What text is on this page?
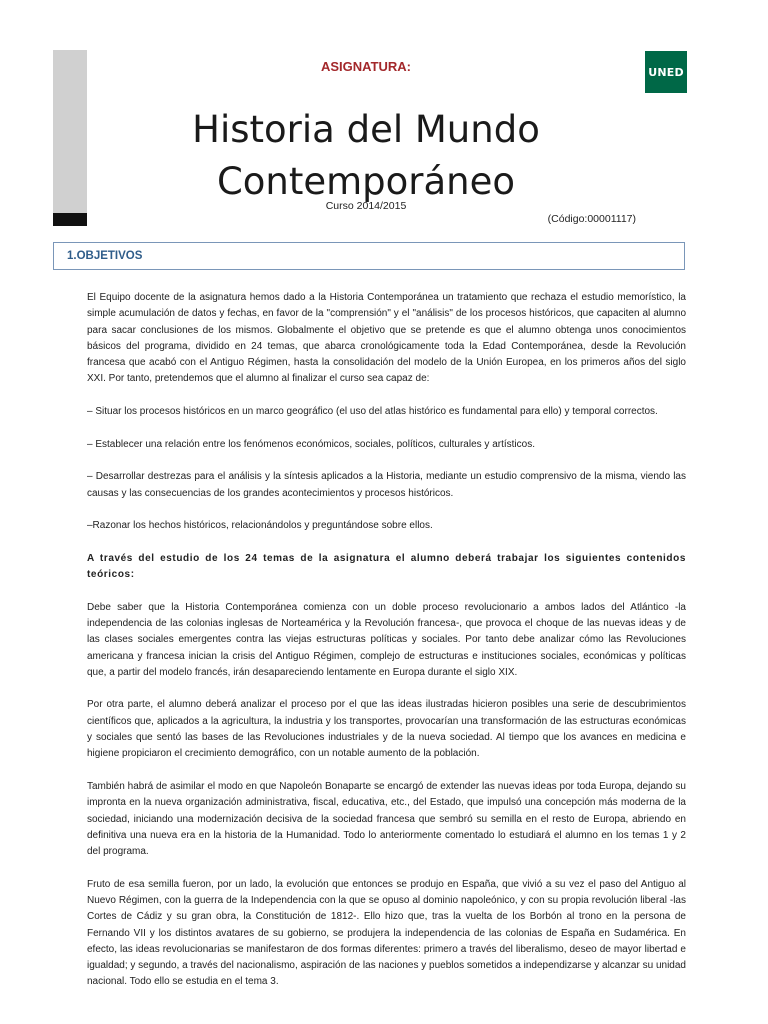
ASIGNATURA:	UNED
Historia del Mundo
Contemporáneo
Curso 2014/2015
(Código:00001117)
1.OBJETIVOS

El Equipo docente de la asignatura hemos dado a la Historia Contemporánea un tratamiento que rechaza el estudio memorístico, la simple acumulación de datos y fechas, en favor de la "comprensión" y el "análisis" de los procesos históricos, que capaciten al alumno para sacar conclusiones de los mismos. Globalmente el objetivo que se pretende es que el alumno obtenga unos conocimientos básicos del programa, dividido en 24 temas, que abarca cronológicamente toda la Edad Contemporánea, desde la Revolución francesa que acabó con el Antiguo Régimen, hasta la consolidación del modelo de la Unión Europea, en los primeros años del siglo XXI. Por tanto, pretendemos que el alumno al finalizar el curso sea capaz de:

– Situar los procesos históricos en un marco geográfico (el uso del atlas histórico es fundamental para ello) y temporal correctos.

– Establecer una relación entre los fenómenos económicos, sociales, políticos, culturales y artísticos.

– Desarrollar destrezas para el análisis y la síntesis aplicados a la Historia, mediante un estudio comprensivo de la misma, viendo las causas y las consecuencias de los grandes acontecimientos y procesos históricos.

–Razonar los hechos históricos, relacionándolos y preguntándose sobre ellos.

A través del estudio de los 24 temas de la asignatura el alumno deberá trabajar los siguientes contenidos teóricos:

Debe saber que la Historia Contemporánea comienza con un doble proceso revolucionario a ambos lados del Atlántico -la independencia de las colonias inglesas de Norteamérica y la Revolución francesa-, que provoca el choque de las nuevas ideas y de las clases sociales emergentes contra las viejas estructuras políticas y sociales. Por tanto debe analizar cómo las Revoluciones americana y francesa inician la crisis del Antiguo Régimen, complejo de estructuras e instituciones sociales, económicas y políticas que, a partir del modelo francés, irán desapareciendo lentamente en Europa durante el siglo XIX.

Por otra parte, el alumno deberá analizar el proceso por el que las ideas ilustradas hicieron posibles una serie de descubrimientos científicos que, aplicados a la agricultura, la industria y los transportes, provocarían una transformación de las estructuras económicas y sociales que sentó las bases de las Revoluciones industriales y de la nueva sociedad. Al tiempo que los avances en medicina e higiene propiciaron el crecimiento demográfico, con un notable aumento de la población.

También habrá de asimilar el modo en que Napoleón Bonaparte se encargó de extender las nuevas ideas por toda Europa, dejando su impronta en la nueva organización administrativa, fiscal, educativa, etc., del Estado, que impulsó una concepción más moderna de la sociedad, iniciando una modernización decisiva de la sociedad francesa que sembró su semilla en el resto de Europa, abriendo en definitiva una nueva era en la historia de la Humanidad. Todo lo anteriormente comentado lo estudiará el alumno en los temas 1 y 2 del programa.

Fruto de esa semilla fueron, por un lado, la evolución que entonces se produjo en España, que vivió a su vez el paso del Antiguo al Nuevo Régimen, con la guerra de la Independencia con la que se opuso al dominio napoleónico, y con su propia revolución liberal -las Cortes de Cádiz y su gran obra, la Constitución de 1812-. Ello hizo que, tras la vuelta de los Borbón al trono en la persona de Fernando VII y los distintos avatares de su gobierno, se produjera la independencia de las colonias de España en Sudamérica. En efecto, las ideas revolucionarias se manifestaron de dos formas diferentes: primero a través del liberalismo, deseo de mayor libertad e igualdad; y segundo, a través del nacionalismo, aspiración de las naciones y pueblos sometidos a independizarse y alcanzar su unidad nacional. Todo ello se estudia en el tema 3.
